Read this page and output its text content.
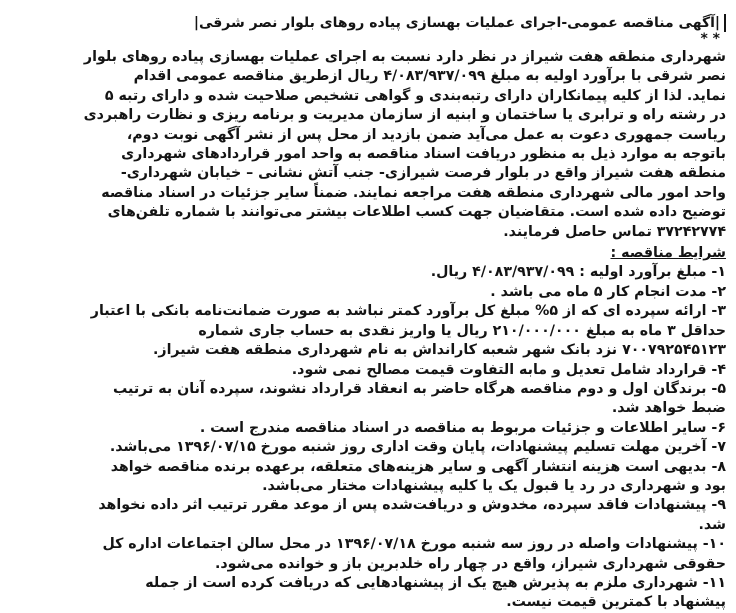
|آگهی مناقصه عمومی-اجرای عملیات بهسازی پیاده روهای بلوار نصر شرقی|
* *
شهرداری منطقه هفت شیراز در نظر دارد نسبت به اجرای عملیات بهسازی پیاده روهای بلوار
نصر شرقی با برآورد اولیه به مبلغ ۴/۰۸۳/۹۳۷/۰۹۹ ریال ازطریق مناقصه عمومی اقدام
نماید. لذا از کلیه پیمانکاران دارای رتبه‌بندی و گواهی تشخیص صلاحیت شده و دارای رتبه ۵
در رشته راه و ترابری یا ساختمان و ابنیه از سازمان مدیریت و برنامه ریزی و نظارت راهبردی
ریاست جمهوری دعوت به عمل می‌آید ضمن بازدید از محل پس از نشر آگهی نوبت دوم،
باتوجه به موارد ذیل به منظور دریافت اسناد مناقصه به واحد امور قراردادهای شهرداری
منطقه هفت شیراز واقع در بلوار فرصت شیرازی- جنب آتش نشانی – خیابان شهرداری-
واحد امور مالی شهرداری منطقه هفت مراجعه نمایند. ضمناً سایر جزئیات در اسناد مناقصه
توضیح داده شده است. متقاضیان جهت کسب اطلاعات بیشتر می‌توانند با شماره تلفن‌های
۳۷۲۴۲۷۷۴ تماس حاصل فرمایند.
شرایط مناقصه :
۱- مبلغ برآورد اولیه : ۴/۰۸۳/۹۳۷/۰۹۹ ریال.
۲- مدت انجام کار ۵ ماه می باشد .
۳- ارائه سپرده ای که از ۵% مبلغ کل برآورد کمتر نباشد به صورت ضمانت‌نامه بانکی با اعتبار
حداقل ۳ ماه به مبلغ ۲۱۰/۰۰۰/۰۰۰ ریال یا واریز نقدی به حساب جاری شماره
۷۰۰۷۹۲۵۴۵۱۲۳ نزد بانک شهر شعبه کارانداش به نام شهرداری منطقه هفت شیراز.
۴- قرارداد شامل تعدیل و مابه التفاوت قیمت مصالح نمی شود.
۵- برندگان اول و دوم مناقصه هرگاه حاضر به انعقاد قرارداد نشوند، سپرده آنان به ترتیب
ضبط خواهد شد.
۶- سایر اطلاعات و جزئیات مربوط به مناقصه در اسناد مناقصه مندرج است .
۷- آخرین مهلت تسلیم پیشنهادات، پایان وقت اداری روز شنبه مورخ ۱۳۹۶/۰۷/۱۵ می‌باشد.
۸- بدیهی است هزینه انتشار آگهی و سایر هزینه‌های متعلقه، برعهده برنده مناقصه خواهد
بود و شهرداری در رد یا قبول یک یا کلیه پیشنهادات مختار می‌باشد.
۹- پیشنهادات فاقد سپرده، مخدوش و دریافت‌شده پس از موعد مقرر ترتیب اثر داده نخواهد
شد.
۱۰- پیشنهادات واصله در روز سه شنبه مورخ ۱۳۹۶/۰۷/۱۸ در محل سالن اجتماعات اداره کل
حقوقی شهرداری شیراز، واقع در چهار راه خلدبرین باز و خوانده می‌شود.
۱۱- شهرداری ملزم به پذیرش هیچ یک از پیشنهادهایی که دریافت کرده است از جمله
پیشنهاد با کمترین قیمت نیست.
